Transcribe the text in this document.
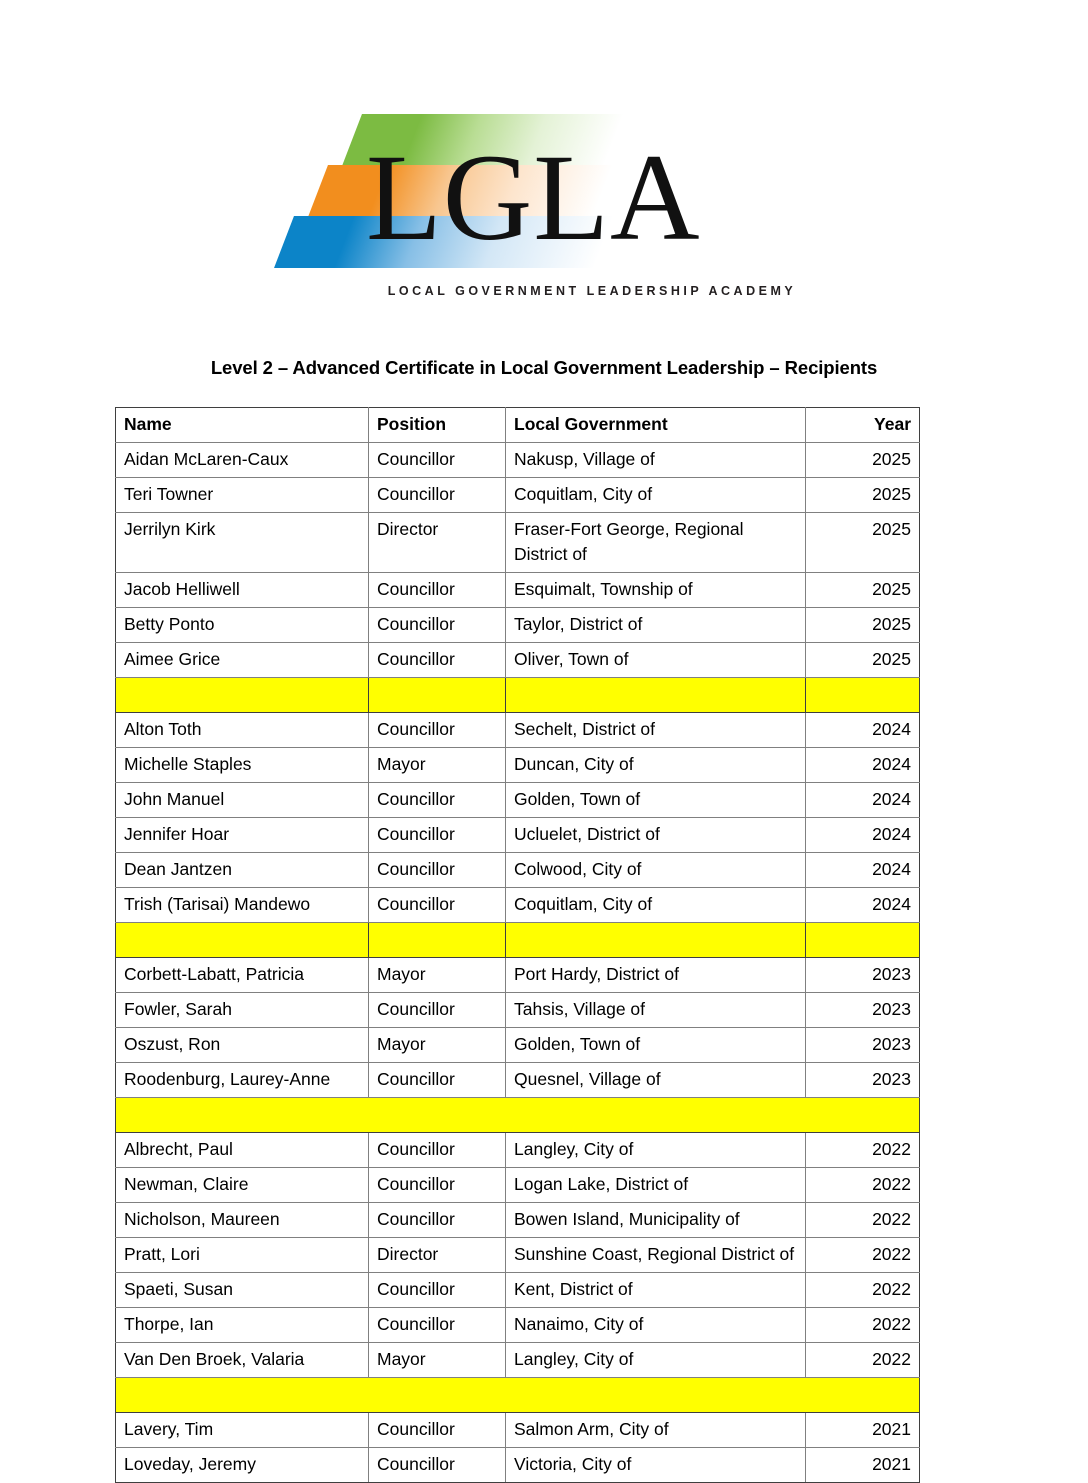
LGLA
LOCAL GOVERNMENT LEADERSHIP ACADEMY
Level 2 – Advanced Certificate in Local Government Leadership – Recipients
Name	Position	Local Government	Year
Aidan McLaren-Caux	Councillor	Nakusp, Village of	2025
Teri Towner	Councillor	Coquitlam, City of	2025
Jerrilyn Kirk	Director	Fraser-Fort George, Regional District of	2025
Jacob Helliwell	Councillor	Esquimalt, Township of	2025
Betty Ponto	Councillor	Taylor, District of	2025
Aimee Grice	Councillor	Oliver, Town of	2025

Alton Toth	Councillor	Sechelt, District of	2024
Michelle Staples	Mayor	Duncan, City of	2024
John Manuel	Councillor	Golden, Town of	2024
Jennifer Hoar	Councillor	Ucluelet, District of	2024
Dean Jantzen	Councillor	Colwood, City of	2024
Trish (Tarisai) Mandewo	Councillor	Coquitlam, City of	2024

Corbett-Labatt, Patricia	Mayor	Port Hardy, District of	2023
Fowler, Sarah	Councillor	Tahsis, Village of	2023
Oszust, Ron	Mayor	Golden, Town of	2023
Roodenburg, Laurey-Anne	Councillor	Quesnel, Village of	2023

Albrecht, Paul	Councillor	Langley, City of	2022
Newman, Claire	Councillor	Logan Lake, District of	2022
Nicholson, Maureen	Councillor	Bowen Island, Municipality of	2022
Pratt, Lori	Director	Sunshine Coast, Regional District of	2022
Spaeti, Susan	Councillor	Kent, District of	2022
Thorpe, Ian	Councillor	Nanaimo, City of	2022
Van Den Broek, Valaria	Mayor	Langley, City of	2022

Lavery, Tim	Councillor	Salmon Arm, City of	2021
Loveday, Jeremy	Councillor	Victoria, City of	2021
